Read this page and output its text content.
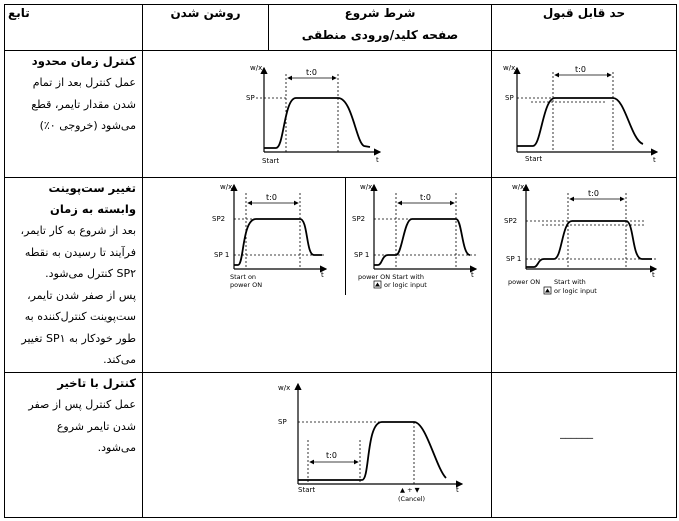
حد قابل قبول
شرط شروع
صفحه کلید/ورودی منطقی
روشن شدن
تابع
کنترل زمان محدود
عمل کنترل بعد از تمام
شدن مقدار تایمر، قطع
می‌شود (خروجی ۰٪)
تغییر ست‌پوینت
وابسته به زمان
بعد از شروع به کار تایمر،
فرآیند تا رسیدن به نقطه
SP۲ کنترل می‌شود.
پس از صفر شدن تایمر،
ست‌پوینت کنترل‌کننده به
طور خودکار به SP۱ تغییر
می‌کند.
کنترل با تاخیر
عمل کنترل پس از صفر
شدن تایمر شروع
می‌شود.
______
w/x
t
SP
t:0
Start
w/x
t
SP
t:0
Start
w/x
t
SP2
SP 1
t:0
Start on
power ON
w/x
t
SP2
SP 1
t:0
power ON Start with
or logic input
w/x
t
SP2
SP 1
t:0
power ON Start with
or logic input
w/x
t
SP
t:0
Start	▲ + ▼
(Cancel)
